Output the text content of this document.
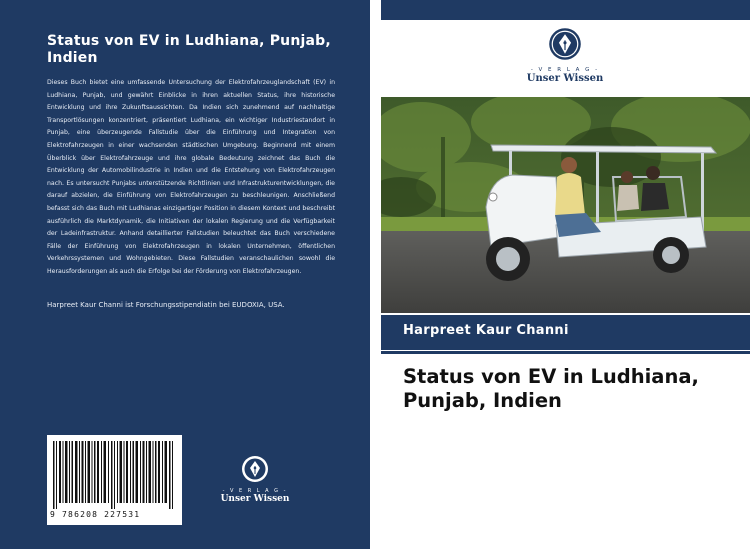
Status von EV in Ludhiana, Punjab, Indien
Dieses Buch bietet eine umfassende Untersuchung der Elektrofahrzeuglandschaft (EV) in Ludhiana, Punjab, und gewährt Einblicke in ihren aktuellen Status, ihre historische Entwicklung und ihre Zukunftsaussichten. Da Indien sich zunehmend auf nachhaltige Transportlösungen konzentriert, präsentiert Ludhiana, ein wichtiger Industriestandort in Punjab, eine überzeugende Fallstudie über die Einführung und Integration von Elektrofahrzeugen in einer wachsenden städtischen Umgebung. Beginnend mit einem Überblick über Elektrofahrzeuge und ihre globale Bedeutung zeichnet das Buch die Entwicklung der Automobilindustrie in Indien und die Entstehung von Elektrofahrzeugen nach. Es untersucht Punjabs unterstützende Richtlinien und Infrastrukturentwicklungen, die darauf abzielen, die Einführung von Elektrofahrzeugen zu beschleunigen. Anschließend befasst sich das Buch mit Ludhianas einzigartiger Position in diesem Kontext und beschreibt ausführlich die Marktdynamik, die Initiativen der lokalen Regierung und die Verfügbarkeit der Ladeinfrastruktur. Anhand detaillierter Fallstudien beleuchtet das Buch verschiedene Fälle der Einführung von Elektrofahrzeugen in lokalen Unternehmen, öffentlichen Verkehrssystemen und Wohngebieten. Diese Fallstudien veranschaulichen sowohl die Herausforderungen als auch die Erfolge bei der Förderung von Elektrofahrzeugen.
Harpreet Kaur Channi ist Forschungsstipendiatin bei EUDOXIA, USA.
9 786208 227531
- V E R L A G -
Unser Wissen
- V E R L A G -
Unser Wissen
Harpreet Kaur Channi
Status von EV in Ludhiana, Punjab, Indien
